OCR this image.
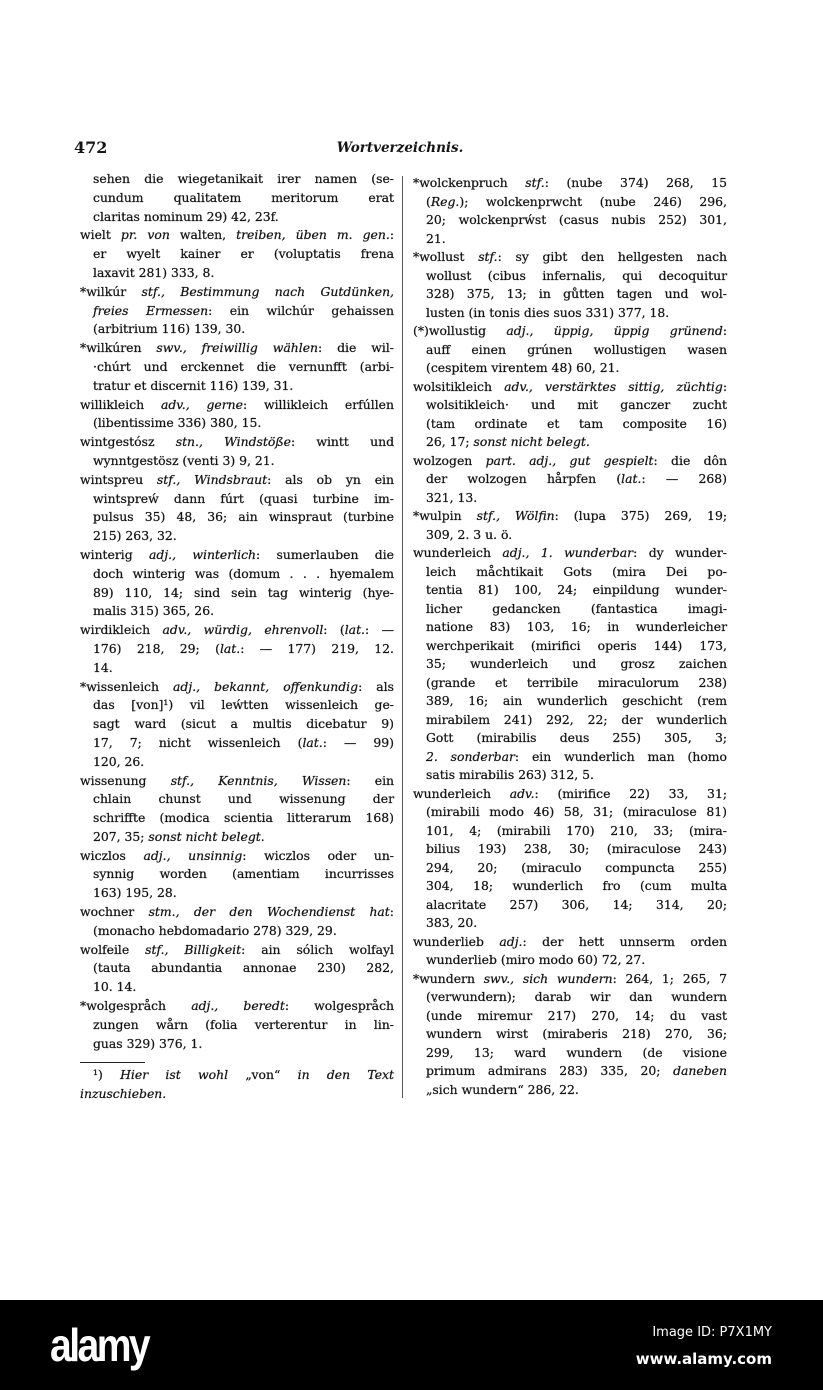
472	Wortverzeichnis.
sehen die wiegetanikait irer namen (se-
cundum qualitatem meritorum erat
claritas nominum 29) 42, 23f.
wielt pr. von walten, treiben, üben m. gen.:
er wyelt kainer er (voluptatis frena
laxavit 281) 333, 8.
*wilkúr stf., Bestimmung nach Gutdünken,
freies Ermessen: ein wilchúr gehaissen
(arbitrium 116) 139, 30.
*wilkúren swv., freiwillig wählen: die wil-
·chúrt und erckennet die vernunfft (arbi-
tratur et discernit 116) 139, 31.
willikleich adv., gerne: willikleich erfúllen
(libentissime 336) 380, 15.
wintgestósz stn., Windstöße: wintt und
wynntgestösz (venti 3) 9, 21.
wintspreu stf., Windsbraut: als ob yn ein
wintspreẃ dann fúrt (quasi turbine im-
pulsus 35) 48, 36; ain winspraut (turbine
215) 263, 32.
winterig adj., winterlich: sumerlauben die
doch winterig was (domum . . . hyemalem
89) 110, 14; sind sein tag winterig (hye-
malis 315) 365, 26.
wirdikleich adv., würdig, ehrenvoll: (lat.: —
176) 218, 29; (lat.: — 177) 219, 12.
14.
*wissenleich adj., bekannt, offenkundig: als
das [von]¹) vil leẃtten wissenleich ge-
sagt ward (sicut a multis dicebatur 9)
17, 7; nicht wissenleich (lat.: — 99)
120, 26.
wissenung stf., Kenntnis, Wissen: ein
chlain chunst und wissenung der
schriffte (modica scientia litterarum 168)
207, 35; sonst nicht belegt.
wiczlos adj., unsinnig: wiczlos oder un-
synnig worden (amentiam incurrisses
163) 195, 28.
wochner stm., der den Wochendienst hat:
(monacho hebdomadario 278) 329, 29.
wolfeile stf., Billigkeit: ain sólich wolfayl
(tauta abundantia annonae 230) 282,
10. 14.
*wolgespråch adj., beredt: wolgespråch
zungen wårn (folia verterentur in lin-
guas 329) 376, 1.
*wolckenpruch stf.: (nube 374) 268, 15
(Reg.); wolckenprwcht (nube 246) 296,
20; wolckenprẃst (casus nubis 252) 301,
21.
*wollust stf.: sy gibt den hellgesten nach
wollust (cibus infernalis, qui decoquitur
328) 375, 13; in gůtten tagen und wol-
lusten (in tonis dies suos 331) 377, 18.
(*)wollustig adj., üppig, üppig grünend:
auff einen grúnen wollustigen wasen
(cespitem virentem 48) 60, 21.
wolsitikleich adv., verstärktes sittig, züchtig:
wolsitikleich· und mit ganczer zucht
(tam ordinate et tam composite 16)
26, 17; sonst nicht belegt.
wolzogen part. adj., gut gespielt: die dôn
der wolzogen hårpfen (lat.: — 268)
321, 13.
*wulpin stf., Wölfin: (lupa 375) 269, 19;
309, 2. 3 u. ö.
wunderleich adj., 1. wunderbar: dy wunder-
leich måchtikait Gots (mira Dei po-
tentia 81) 100, 24; einpildung wunder-
licher gedancken (fantastica imagi-
natione 83) 103, 16; in wunderleicher
werchperikait (mirifici operis 144) 173,
35; wunderleich und grosz zaichen
(grande et terribile miraculorum 238)
389, 16; ain wunderlich geschicht (rem
mirabilem 241) 292, 22; der wunderlich
Gott (mirabilis deus 255) 305, 3;
2. sonderbar: ein wunderlich man (homo
satis mirabilis 263) 312, 5.
wunderleich adv.: (mirifice 22) 33, 31;
(mirabili modo 46) 58, 31; (miraculose 81)
101, 4; (mirabili 170) 210, 33; (mira-
bilius 193) 238, 30; (miraculose 243)
294, 20; (miraculo compuncta 255)
304, 18; wunderlich fro (cum multa
alacritate 257) 306, 14; 314, 20;
383, 20.
wunderlieb adj.: der hett unnserm orden
wunderlieb (miro modo 60) 72, 27.
*wundern swv., sich wundern: 264, 1; 265, 7
(verwundern); darab wir dan wundern
(unde miremur 217) 270, 14; du vast
wundern wirst (miraberis 218) 270, 36;
299, 13; ward wundern (de visione
primum admirans 283) 335, 20; daneben
„sich wundern“ 286, 22.
¹) Hier ist wohl „von“ in den Text
inzuschieben.
alamy	Image ID: P7X1MY
www.alamy.com
